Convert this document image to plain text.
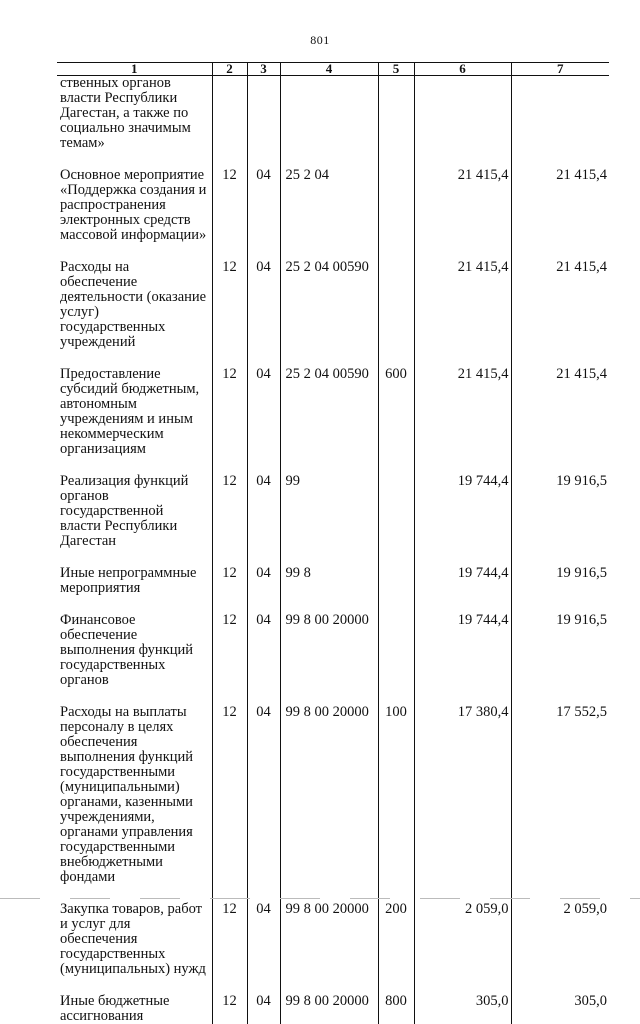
801
1	2	3	4	5	6	7
ственных органов власти Республики Дагестан, а также по социально значимым темам»						

Основное мероприятие «Поддержка создания и распространения электронных средств массовой информации»	12	04	25 2 04		21 415,4	21 415,4

Расходы на обеспечение деятельности (оказание услуг) государственных учреждений	12	04	25 2 04 00590		21 415,4	21 415,4

Предоставление субсидий бюджетным, автономным учреждениям и иным некоммерческим организациям	12	04	25 2 04 00590	600	21 415,4	21 415,4

Реализация функций органов государственной власти Республики Дагестан	12	04	99		19 744,4	19 916,5

Иные непрограммные мероприятия	12	04	99 8		19 744,4	19 916,5

Финансовое обеспечение выполнения функций государственных органов	12	04	99 8 00 20000		19 744,4	19 916,5

Расходы на выплаты персоналу в целях обеспечения выполнения функций государственными (муниципальными) органами, казенными учреждениями, органами управления государственными внебюджетными фондами	12	04	99 8 00 20000	100	17 380,4	17 552,5

Закупка товаров, работ и услуг для обеспечения государственных (муниципальных) нужд	12	04	99 8 00 20000	200	2 059,0	2 059,0

Иные бюджетные ассигнования	12	04	99 8 00 20000	800	305,0	305,0
